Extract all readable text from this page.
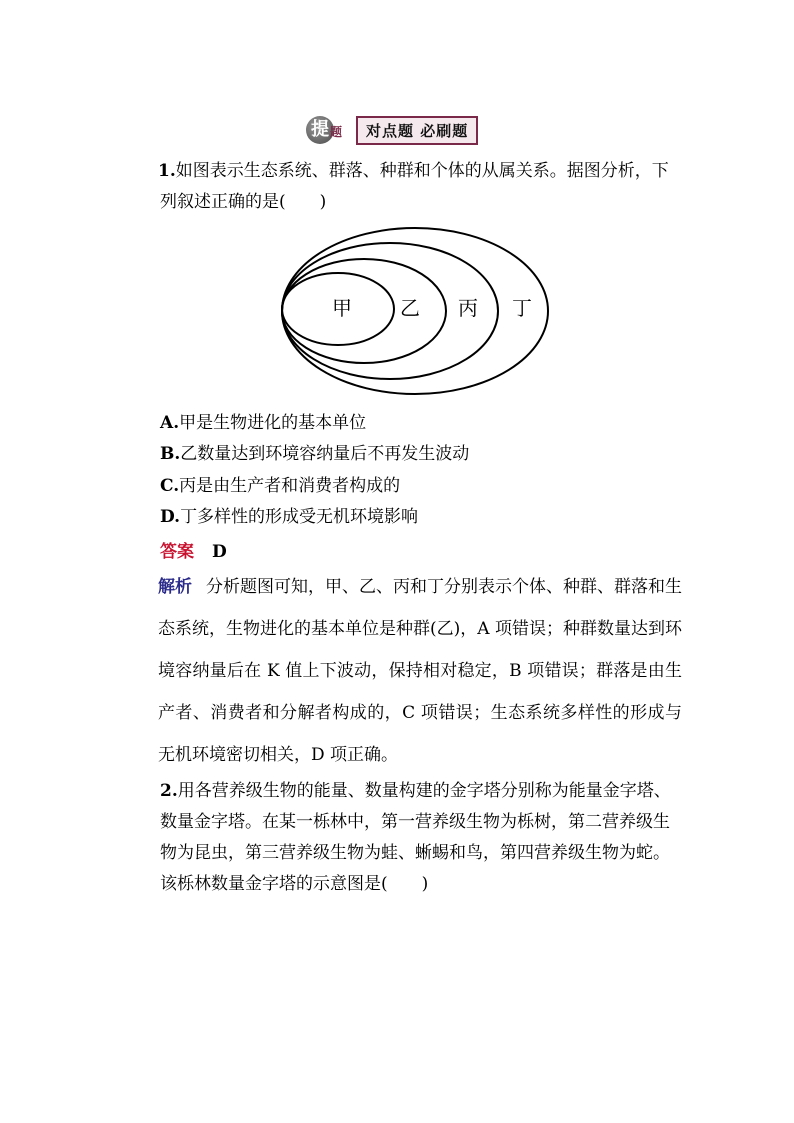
提 题	对点题 必刷题
1.如图表示生态系统、群落、种群和个体的从属关系。据图分析，下列叙述正确的是(　　)
甲 乙 丙 丁
A.甲是生物进化的基本单位
B.乙数量达到环境容纳量后不再发生波动
C.丙是由生产者和消费者构成的
D.丁多样性的形成受无机环境影响
答案 D
解析 分析题图可知，甲、乙、丙和丁分别表示个体、种群、群落和生态系统，生物进化的基本单位是种群(乙)，A 项错误；种群数量达到环境容纳量后在 K 值上下波动，保持相对稳定，B 项错误；群落是由生产者、消费者和分解者构成的，C 项错误；生态系统多样性的形成与无机环境密切相关，D 项正确。
2.用各营养级生物的能量、数量构建的金字塔分别称为能量金字塔、数量金字塔。在某一栎林中，第一营养级生物为栎树，第二营养级生物为昆虫，第三营养级生物为蛙、蜥蜴和鸟，第四营养级生物为蛇。该栎林数量金字塔的示意图是(　　)
